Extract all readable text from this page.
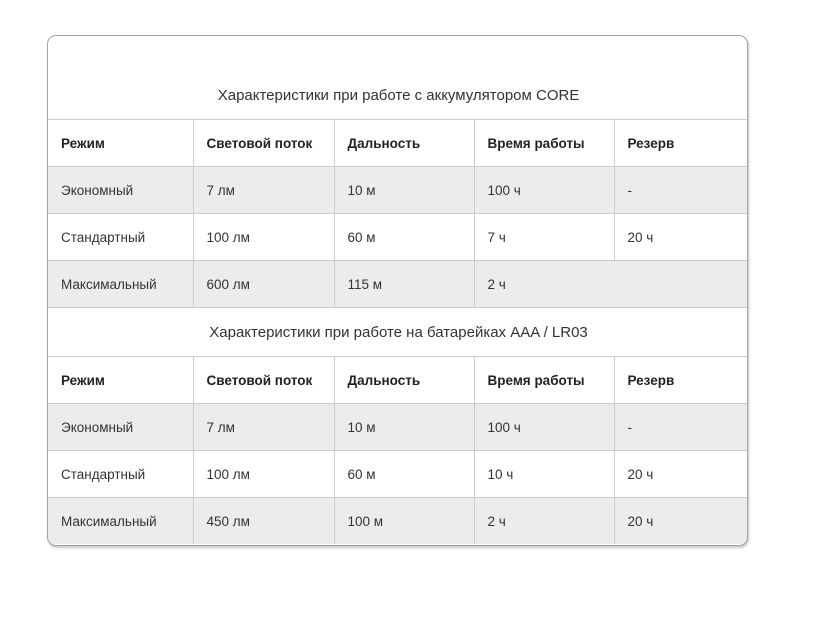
Характеристики при работе с аккумулятором CORE				
Режим	Световой поток	Дальность	Время работы	Резерв
Экономный	7 лм	10 м	100 ч	-
Стандартный	100 лм	60 м	7 ч	20 ч
Максимальный	600 лм	115 м	2 ч	
Характеристики при работе на батарейках AAA / LR03				
Режим	Световой поток	Дальность	Время работы	Резерв
Экономный	7 лм	10 м	100 ч	-
Стандартный	100 лм	60 м	10 ч	20 ч
Максимальный	450 лм	100 м	2 ч	20 ч
